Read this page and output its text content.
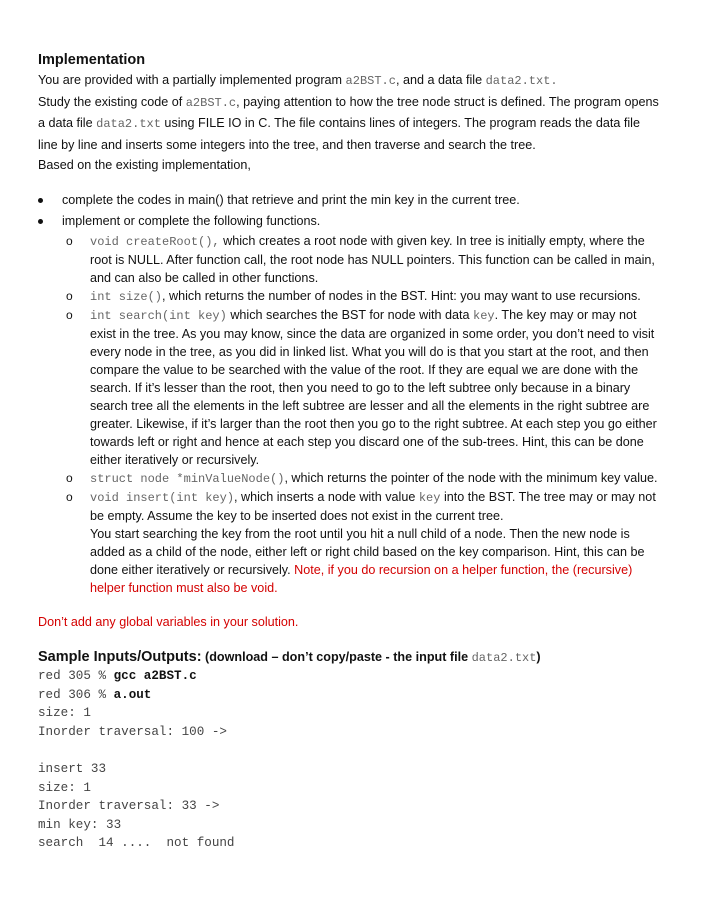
Implementation

You are provided with a partially implemented program a2BST.c, and a data file data2.txt.

Study the existing code of a2BST.c, paying attention to how the tree node struct is defined. The program opens a data file data2.txt using FILE IO in C. The file contains lines of integers. The program reads the data file line by line and inserts some integers into the tree, and then traverse and search the tree.

Based on the existing implementation,

complete the codes in main() that retrieve and print the min key in the current tree.
implement or complete the following functions.
o void createRoot(), which creates a root node with given key. In tree is initially empty, where the root is NULL. After function call, the root node has NULL pointers. This function can be called in main, and can also be called in other functions.
o int size(), which returns the number of nodes in the BST. Hint: you may want to use recursions.
o int search(int key) which searches the BST for node with data key. The key may or may not exist in the tree. As you may know, since the data are organized in some order, you don’t need to visit every node in the tree, as you did in linked list. What you will do is that you start at the root, and then compare the value to be searched with the value of the root. If they are equal we are done with the search. If it’s lesser than the root, then you need to go to the left subtree only because in a binary search tree all the elements in the left subtree are lesser and all the elements in the right subtree are greater. Likewise, if it’s larger than the root then you go to the right subtree. At each step you go either towards left or right and hence at each step you discard one of the sub-trees. Hint, this can be done either iteratively or recursively.
o struct node *minValueNode(), which returns the pointer of the node with the minimum key value.
o void insert(int key), which inserts a node with value key into the BST. The tree may or may not be empty. Assume the key to be inserted does not exist in the current tree.
You start searching the key from the root until you hit a null child of a node. Then the new node is added as a child of the node, either left or right child based on the key comparison. Hint, this can be done either iteratively or recursively. Note, if you do recursion on a helper function, the (recursive) helper function must also be void.
Don’t add any global variables in your solution.
Sample Inputs/Outputs: (download – don’t copy/paste - the input file data2.txt)
red 305 % gcc a2BST.c
red 306 % a.out
size: 1
Inorder traversal: 100 ->
insert 33
size: 1
Inorder traversal: 33 ->
min key: 33
search  14 ....  not found
